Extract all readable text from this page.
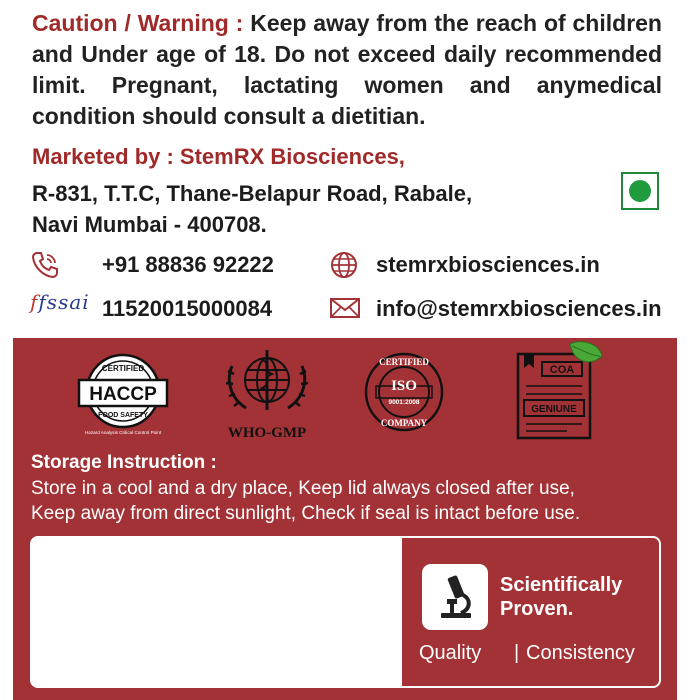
Caution / Warning : Keep away from the reach of children and Under age of 18. Do not exceed daily recommended limit. Pregnant, lactating women and anymedical condition should consult a dietitian.
Marketed by : StemRX Biosciences,
R-831, T.T.C, Thane-Belapur Road, Rabale,
Navi Mumbai - 400708.
+91 88836 92222	stemrxbiosciences.in
ffssai 11520015000084	info@stemrxbiosciences.in
HACCP
CERTIFIED
FOOD SAFETY
Hazard Analysis Critical Control Point	WHO-GMP
ISO
9001:2008
CERTIFIED
COMPANY
COA
GENIUNE
Storage Instruction :
Store in a cool and a dry place, Keep lid always closed after use,
Keep away from direct sunlight, Check if seal is intact before use.
Scientifically
Proven.
Quality | Consistency
